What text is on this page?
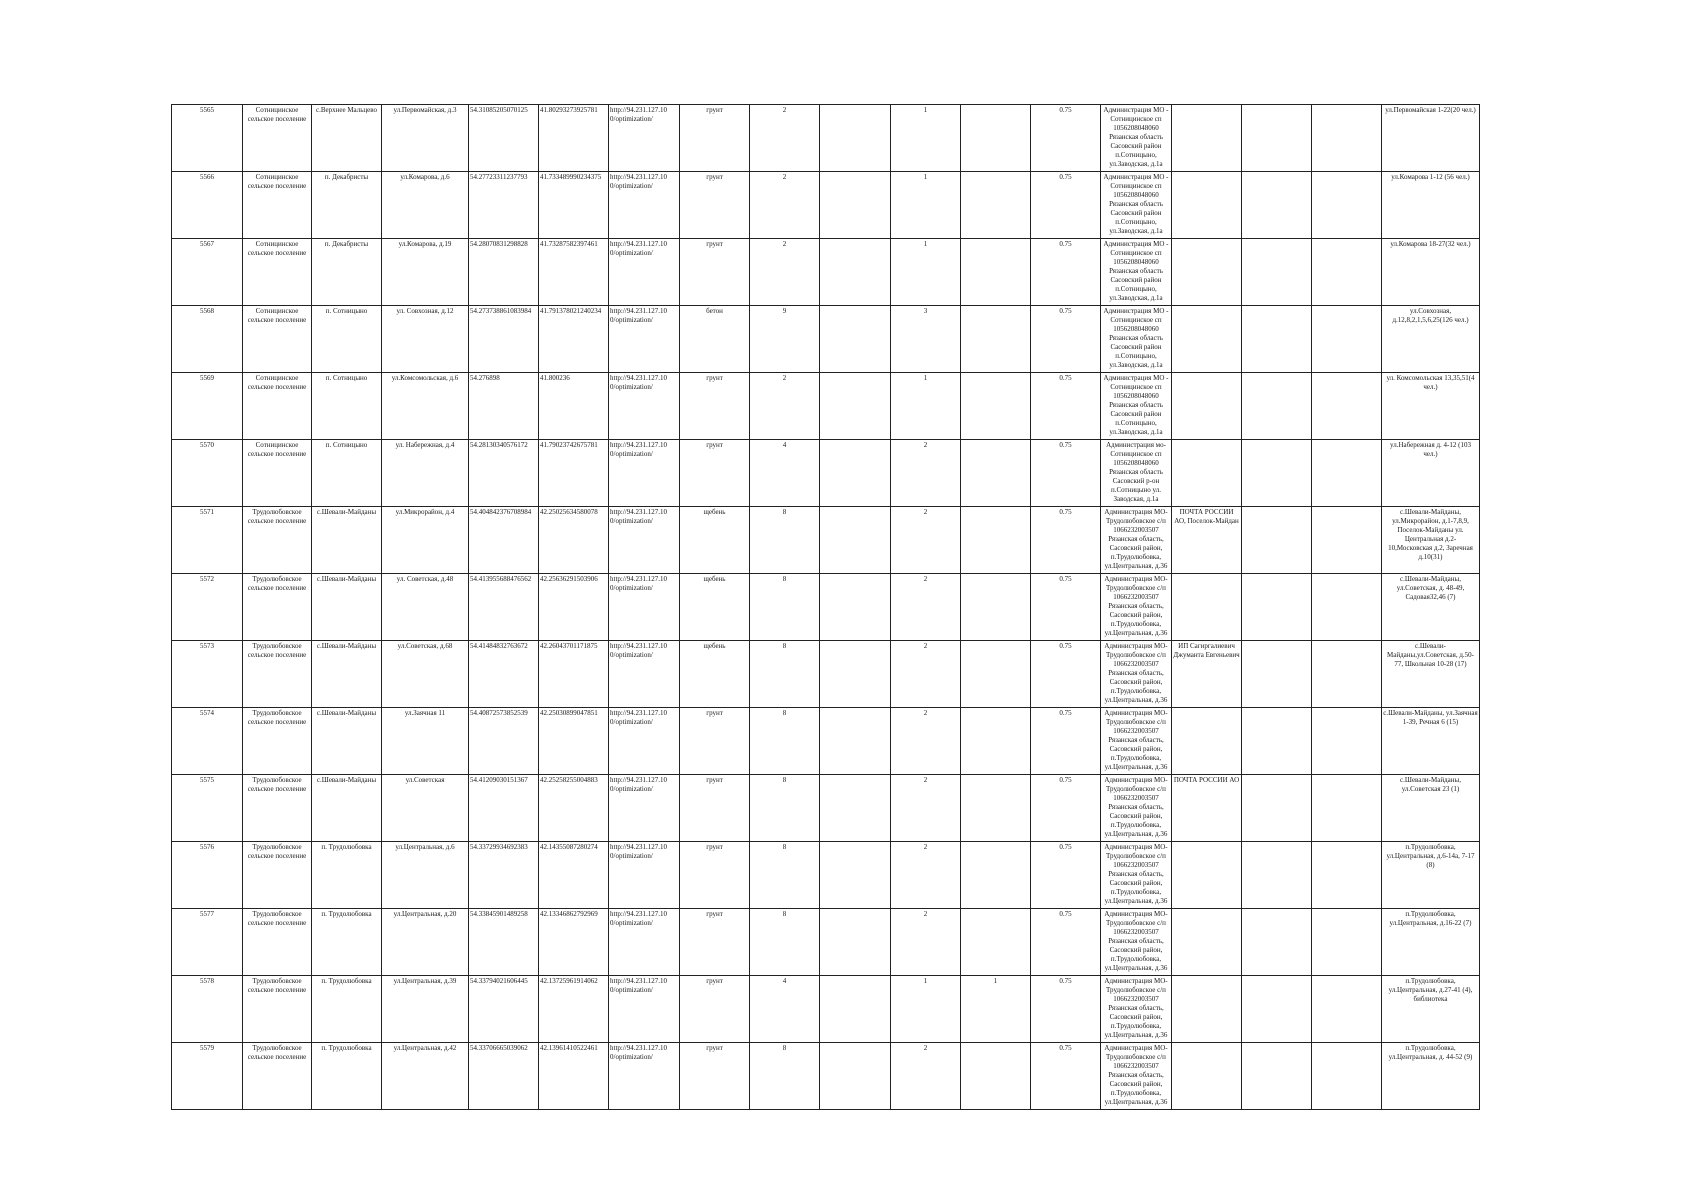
5565	Сотницинское сельское поселение	с.Верхнее Мальцево	ул.Первомайская, д.3	54.31085205070125	41.80293273925781	http://94.231.127.10 0/optimization/	грунт	2		1		0.75	Администрация МО - Сотницинское сп 1056208048060 Рязанская область Сасовский район п.Сотницыно, ул.Заводская, д.1а				ул.Первомайская 1-22(20 чел.)
5566	Сотницинское сельское поселение	п. Декабристы	ул.Комарова, д.6	54.27723311237793	41.733489990234375	http://94.231.127.10 0/optimization/	грунт	2		1		0.75	Администрация МО - Сотницинское сп 1056208048060 Рязанская область Сасовский район п.Сотницыно, ул.Заводская, д.1а				ул.Комарова 1-12 (56 чел.)
5567	Сотницинское сельское поселение	п. Декабристы	ул.Комарова, д.19	54.28070831298828	41.73287582397461	http://94.231.127.10 0/optimization/	грунт	2		1		0.75	Администрация МО - Сотницинское сп 1056208048060 Рязанская область Сасовский район п.Сотницыно, ул.Заводская, д.1а				ул.Комарова 18-27(32 чел.)
5568	Сотницинское сельское поселение	п. Сотницыно	ул. Совхозная, д.12	54.273738861083984	41.791378021240234	http://94.231.127.10 0/optimization/	бетон	9		3		0.75	Администрация МО - Сотницинское сп 1056208048060 Рязанская область Сасовский район п.Сотницыно, ул.Заводская, д.1а				ул.Совхозная, д.12,8,2,1,5,6,25(126 чел.)
5569	Сотницинское сельское поселение	п. Сотницыно	ул.Комсомольская, д.6	54.276898	41.800236	http://94.231.127.10 0/optimization/	грунт	2		1		0.75	Администрация МО - Сотницинское сп 1056208048060 Рязанская область Сасовский район п.Сотницыно, ул.Заводская, д.1а				ул. Комсомольская 13,35,51(4 чел.)
5570	Сотницинское сельское поселение	п. Сотницыно	ул. Набережная, д.4	54.28130340576172	41.79023742675781	http://94.231.127.10 0/optimization/	грунт	4		2		0.75	Администрация мо-Сотницинское сп 1056208048060 Рязанская область Сасовский р-он п.Сотницыно ул. Заводская, д.1а				ул.Набережная д. 4-12 (103 чел.)
5571	Трудолюбовское сельское поселение	с.Шевали-Майданы	ул.Микрорайон, д.4	54.404842376708984	42.25025634580078	http://94.231.127.10 0/optimization/	щебень	8		2		0.75	Администрация МО-Трудолюбовское с/п 1066232003507 Рязанская область, Сасовский район, п.Трудолюбовка, ул.Центральная, д.36	ПОЧТА РОССИИ АО, Поселок-Майдан			с.Шевали-Майданы, ул.Микрорайон, д.1-7,8,9, Поселок-Майданы ул. Центральная д.2-10,Московская д.2, Заречная д.10(31)
5572	Трудолюбовское сельское поселение	с.Шевали-Майданы	ул. Советская, д.48	54.413955688476562	42.25636291503906	http://94.231.127.10 0/optimization/	щебень	8		2		0.75	Администрация МО-Трудолюбовское с/п 1066232003507 Рязанская область, Сасовский район, п.Трудолюбовка, ул.Центральная, д.36				с.Шевали-Майданы, ул.Советская, д. 48-49, Садовая32,46 (7)
5573	Трудолюбовское сельское поселение	с.Шевали-Майданы	ул.Советская, д.68	54.41484832763672	42.26043701171875	http://94.231.127.10 0/optimization/	щебень	8		2		0.75	Администрация МО-Трудолюбовское с/п 1066232003507 Рязанская область, Сасовский район, п.Трудолюбовка, ул.Центральная, д.36	ИП Сагиргалиевич Джуманта Евгеньевич			с.Шевали-Майданы,ул.Советская, д.50-77, Школьная 10-28 (17)
5574	Трудолюбовское сельское поселение	с.Шевали-Майданы	ул.Заячная 11	54.40872573852539	42.25030899047851	http://94.231.127.10 0/optimization/	грунт	8		2		0.75	Администрация МО-Трудолюбовское с/п 1066232003507 Рязанская область, Сасовский район, п.Трудолюбовка, ул.Центральная, д.36				с.Шевали-Майданы, ул.Заячная 1-39, Речная 6 (15)
5575	Трудолюбовское сельское поселение	с.Шевали-Майданы	ул.Советская	54.41209030151367	42.25258255004883	http://94.231.127.10 0/optimization/	грунт	8		2		0.75	Администрация МО-Трудолюбовское с/п 1066232003507 Рязанская область, Сасовский район, п.Трудолюбовка, ул.Центральная, д.36	ПОЧТА РОССИИ АО			с.Шевали-Майданы, ул.Советская 23 (1)
5576	Трудолюбовское сельское поселение	п. Трудолюбовка	ул.Центральная, д.6	54.33729934692383	42.14355087280274	http://94.231.127.10 0/optimization/	грунт	8		2		0.75	Администрация МО-Трудолюбовское с/п 1066232003507 Рязанская область, Сасовский район, п.Трудолюбовка, ул.Центральная, д.36				п.Трудолюбовка, ул.Центральная, д.6-14а, 7-17 (8)
5577	Трудолюбовское сельское поселение	п. Трудолюбовка	ул.Центральная, д.20	54.33845901489258	42.13346862792969	http://94.231.127.10 0/optimization/	грунт	8		2		0.75	Администрация МО-Трудолюбовское с/п 1066232003507 Рязанская область, Сасовский район, п.Трудолюбовка, ул.Центральная, д.36				п.Трудолюбовка, ул.Центральная, д.16-22 (7)
5578	Трудолюбовское сельское поселение	п. Трудолюбовка	ул.Центральная, д.39	54.33794021606445	42.13725961914062	http://94.231.127.10 0/optimization/	грунт	4		1	1	0.75	Администрация МО-Трудолюбовское с/п 1066232003507 Рязанская область, Сасовский район, п.Трудолюбовка, ул.Центральная, д.36				п.Трудолюбовка, ул.Центральная, д.27-41 (4), библиотека
5579	Трудолюбовское сельское поселение	п. Трудолюбовка	ул.Центральная, д.42	54.33706665039062	42.13961410522461	http://94.231.127.10 0/optimization/	грунт	8		2		0.75	Администрация МО-Трудолюбовское с/п 1066232003507 Рязанская область, Сасовский район, п.Трудолюбовка, ул.Центральная, д.36				п.Трудолюбовка, ул.Центральная, д. 44-52 (9)
